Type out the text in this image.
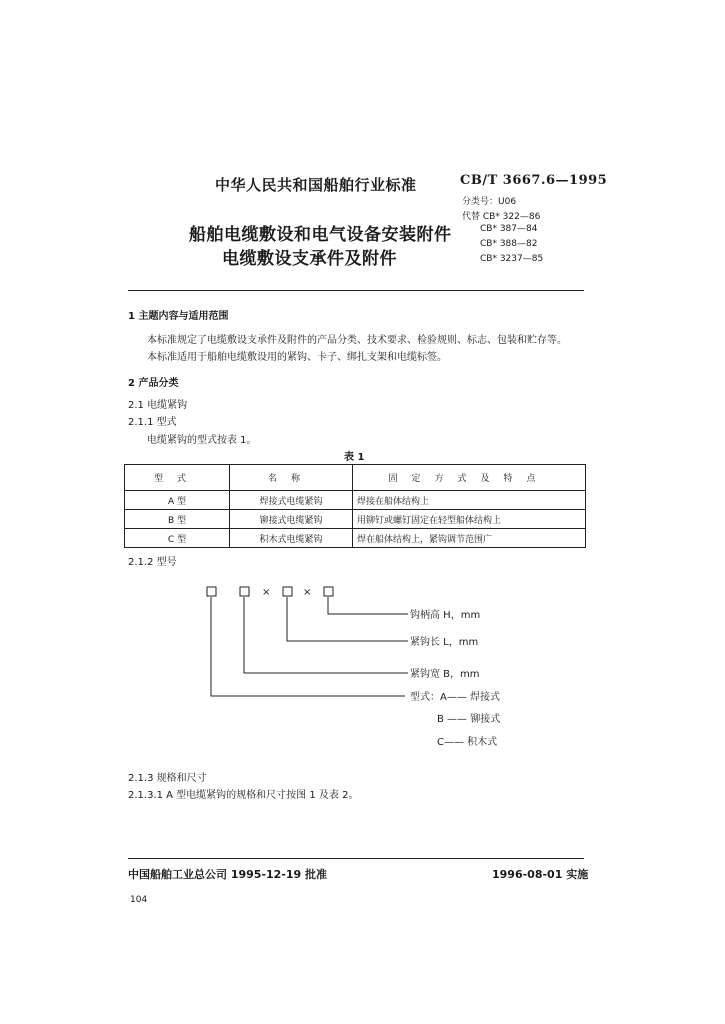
中华人民共和国船舶行业标准	CB/T 3667.6—1995
分类号：U06
代替 CB* 322—86
CB* 387—84
CB* 388—82
CB* 3237—85
船舶电缆敷设和电气设备安装附件
电缆敷设支承件及附件
1 主题内容与适用范围
本标准规定了电缆敷设支承件及附件的产品分类、技术要求、检验规则、标志、包装和贮存等。
本标准适用于船舶电缆敷设用的紧钩、卡子、绑扎支架和电缆标签。
2 产品分类
2.1 电缆紧钩
2.1.1 型式
电缆紧钩的型式按表 1。
表 1
型式	名称	固定方式及特点
A 型	焊接式电缆紧钩	焊接在船体结构上
B 型	铆接式电缆紧钩	用铆钉或螺钉固定在轻型船体结构上
C 型	积木式电缆紧钩	焊在船体结构上，紧钩调节范围广
2.1.2 型号
×	×
钩柄高 H，mm
紧钩长 L，mm
紧钩宽 B，mm
型式：A—— 焊接式
B —— 铆接式
C—— 积木式
2.1.3 规格和尺寸
2.1.3.1 A 型电缆紧钩的规格和尺寸按图 1 及表 2。
中国船舶工业总公司 1995-12-19 批准	1996-08-01 实施
104
